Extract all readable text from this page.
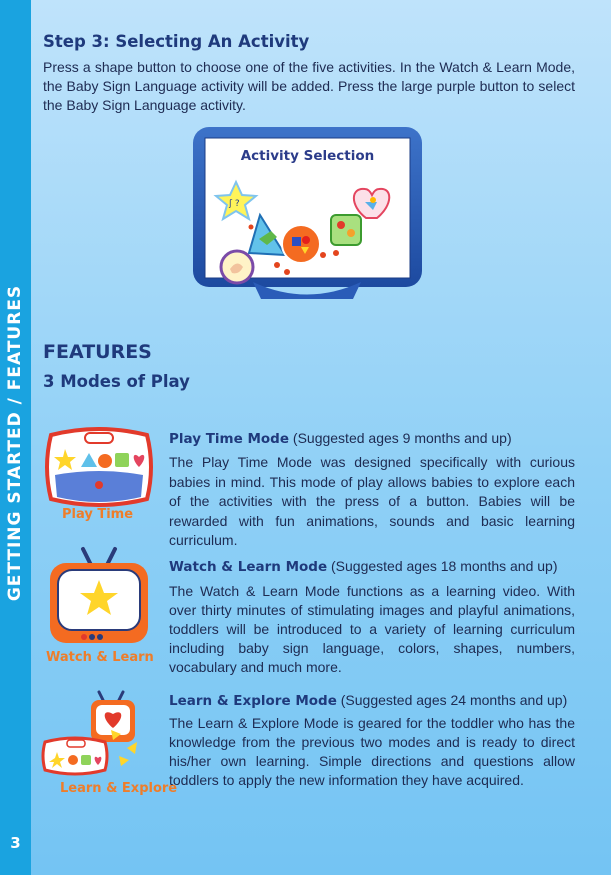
GETTING STARTED / FEATURES
3
Step 3: Selecting An Activity

Press a shape button to choose one of the five activities. In the Watch & Learn Mode, the Baby Sign Language activity will be added. Press the large purple button to select the Baby Sign Language activity.

ʃ ?
Activity Selection
FEATURES
3 Modes of Play
Play Time

Play Time Mode (Suggested ages 9 months and up)

The Play Time Mode was designed specifically with curious babies in mind. This mode of play allows babies to explore each of the activities with the press of a button. Babies will be rewarded with fun animations, sounds and basic learning curriculum.

Watch & Learn

Watch & Learn Mode (Suggested ages 18 months and up)

The Watch & Learn Mode functions as a learning video. With over thirty minutes of stimulating images and playful animations, toddlers will be introduced to a variety of learning curriculum including baby sign language, colors, shapes, numbers, vocabulary and much more.

Learn & Explore

Learn & Explore Mode (Suggested ages 24 months and up)

The Learn & Explore Mode is geared for the toddler who has the knowledge from the previous two modes and is ready to direct his/her own learning. Simple directions and questions allow toddlers to apply the new information they have acquired.
